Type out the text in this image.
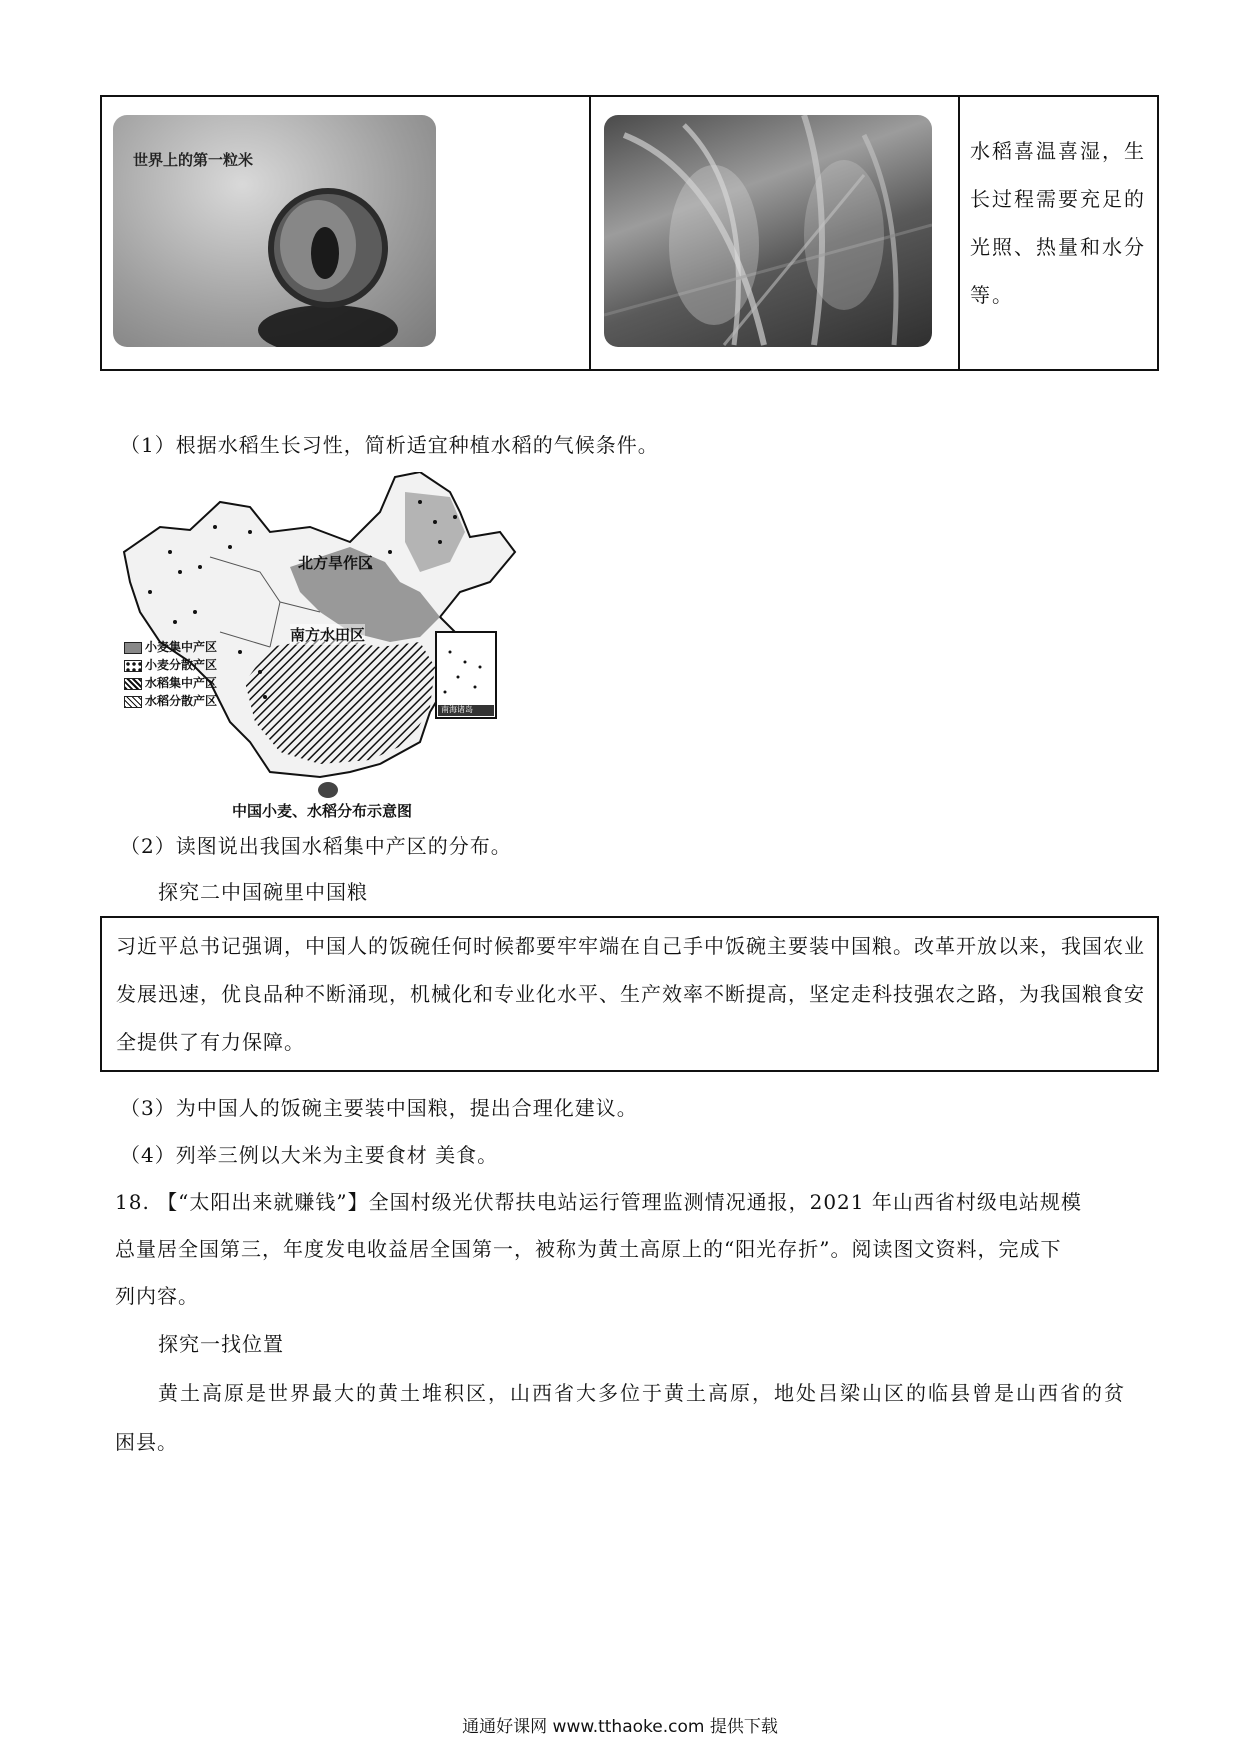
世界上的第一粒米	水稻喜温喜湿，生长过程需要充足的光照、热量和水分等。
（1）根据水稻生长习性，简析适宜种植水稻的气候条件。
北方旱作区
南方水田区
南海诸岛
小麦集中产区
小麦分散产区
水稻集中产区
水稻分散产区
中国小麦、水稻分布示意图
（2）读图说出我国水稻集中产区的分布。
探究二中国碗里中国粮
习近平总书记强调，中国人的饭碗任何时候都要牢牢端在自己手中饭碗主要装中国粮。改革开放以来，我国农业发展迅速，优良品种不断涌现，机械化和专业化水平、生产效率不断提高，坚定走科技强农之路，为我国粮食安全提供了有力保障。
（3）为中国人的饭碗主要装中国粮，提出合理化建议。
（4）列举三例以大米为主要食材 美食。
18. 【“太阳出来就赚钱”】全国村级光伏帮扶电站运行管理监测情况通报，2021 年山西省村级电站规模
总量居全国第三，年度发电收益居全国第一，被称为黄土高原上的“阳光存折”。阅读图文资料，完成下
列内容。
探究一找位置
黄土高原是世界最大的黄土堆积区，山西省大多位于黄土高原，地处吕梁山区的临县曾是山西省的贫
困县。
通通好课网 www.tthaoke.com 提供下载
